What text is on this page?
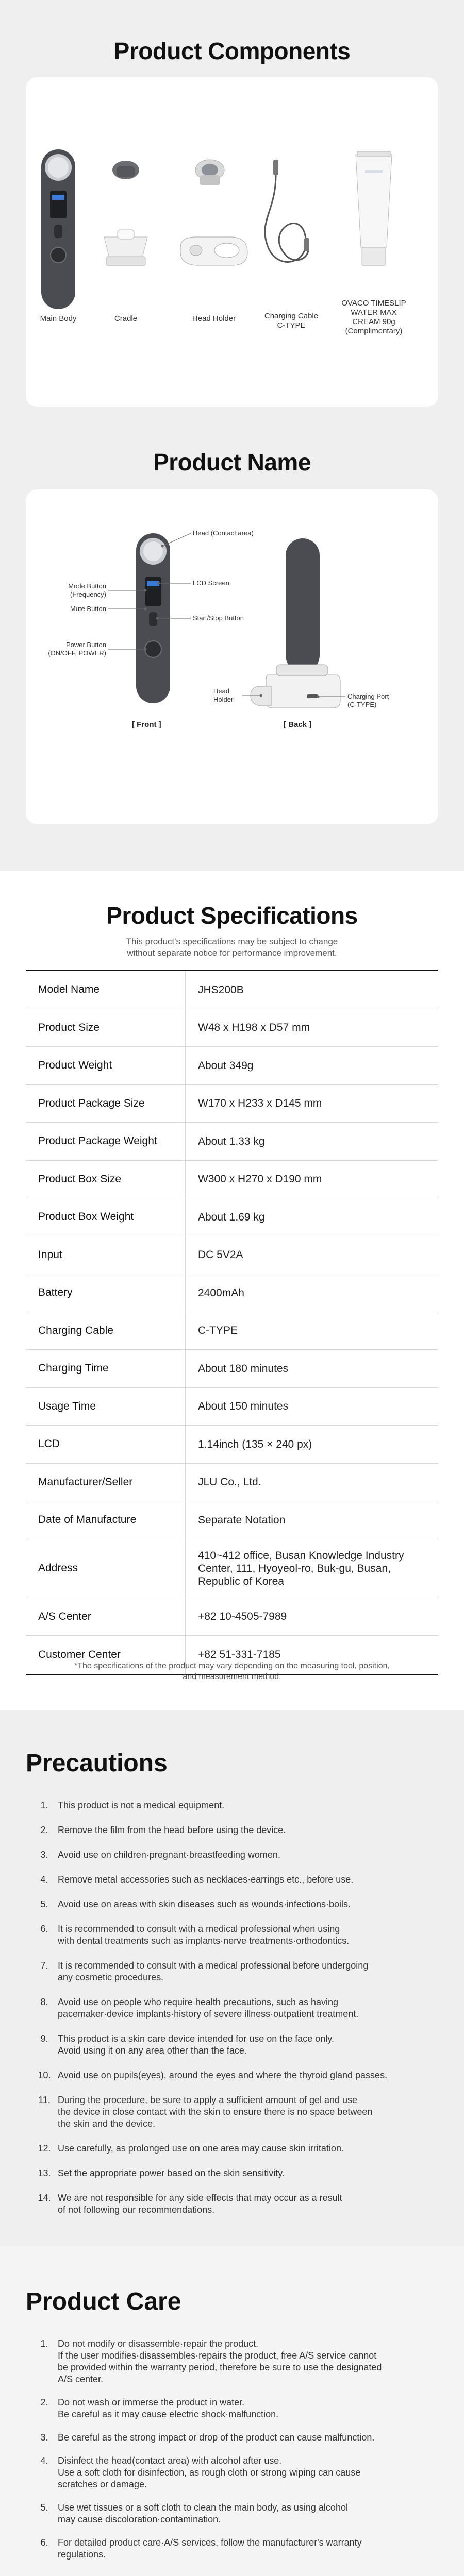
Product Components
Main Body	Cradle	Head Holder	Charging Cable
C-TYPE
OVACO TIMESLIP
WATER MAX
CREAM 90g
(Complimentary)
Product Name
Head (Contact area)
LCD Screen
Start/Stop Button
Mode Button
(Frequency)
Mute Button
Power Button
(ON/OFF, POWER)
Head
Holder	Charging Port
(C-TYPE)
[ Front ]	[ Back ]
Product Specifications
This product's specifications may be subject to change
without separate notice for performance improvement.
Model Name	JHS200B
Product Size	W48 x H198 x D57 mm
Product Weight	About 349g
Product Package Size	W170 x H233 x D145 mm
Product Package Weight	About 1.33 kg
Product Box Size	W300 x H270 x D190 mm
Product Box Weight	About 1.69 kg
Input	DC 5V2A
Battery	2400mAh
Charging Cable	C-TYPE
Charging Time	About 180 minutes
Usage Time	About 150 minutes
LCD	1.14inch (135 × 240 px)
Manufacturer/Seller	JLU Co., Ltd.
Date of Manufacture	Separate Notation
Address
410~412 office, Busan Knowledge Industry Center, 111, Hyoyeol-ro, Buk-gu, Busan, Republic of Korea
A/S Center	+82 10-4505-7989
Customer Center	+82 51-331-7185
*The specifications of the product may vary depending on the measuring tool, position,
and measurement method.
Precautions
1.	This product is not a medical equipment.
2.	Remove the film from the head before using the device.
3.	Avoid use on children·pregnant·breastfeeding women.
4.	Remove metal accessories such as necklaces·earrings etc., before use.
5.	Avoid use on areas with skin diseases such as wounds·infections·boils.
6.	It is recommended to consult with a medical professional when using
with dental treatments such as implants·nerve treatments·orthodontics.
7.	It is recommended to consult with a medical professional before undergoing
any cosmetic procedures.
8.	Avoid use on people who require health precautions, such as having
pacemaker·device implants·history of severe illness·outpatient treatment.
9.	This product is a skin care device intended for use on the face only.
Avoid using it on any area other than the face.
10. Avoid use on pupils(eyes), around the eyes and where the thyroid gland passes.
11. During the procedure, be sure to apply a sufficient amount of gel and use
the device in close contact with the skin to ensure there is no space between
the skin and the device.
12. Use carefully, as prolonged use on one area may cause skin irritation.
13. Set the appropriate power based on the skin sensitivity.
14. We are not responsible for any side effects that may occur as a result
of not following our recommendations.
Product Care
1.	Do not modify or disassemble·repair the product.
If the user modifies·disassembles·repairs the product, free A/S service cannot
be provided within the warranty period, therefore be sure to use the designated
A/S center.
2.	Do not wash or immerse the product in water.
Be careful as it may cause electric shock·malfunction.
3.	Be careful as the strong impact or drop of the product can cause malfunction.
4.	Disinfect the head(contact area) with alcohol after use.
Use a soft cloth for disinfection, as rough cloth or strong wiping can cause
scratches or damage.
5.	Use wet tissues or a soft cloth to clean the main body, as using alcohol
may cause discoloration·contamination.
6.	For detailed product care·A/S services, follow the manufacturer's warranty
regulations.
